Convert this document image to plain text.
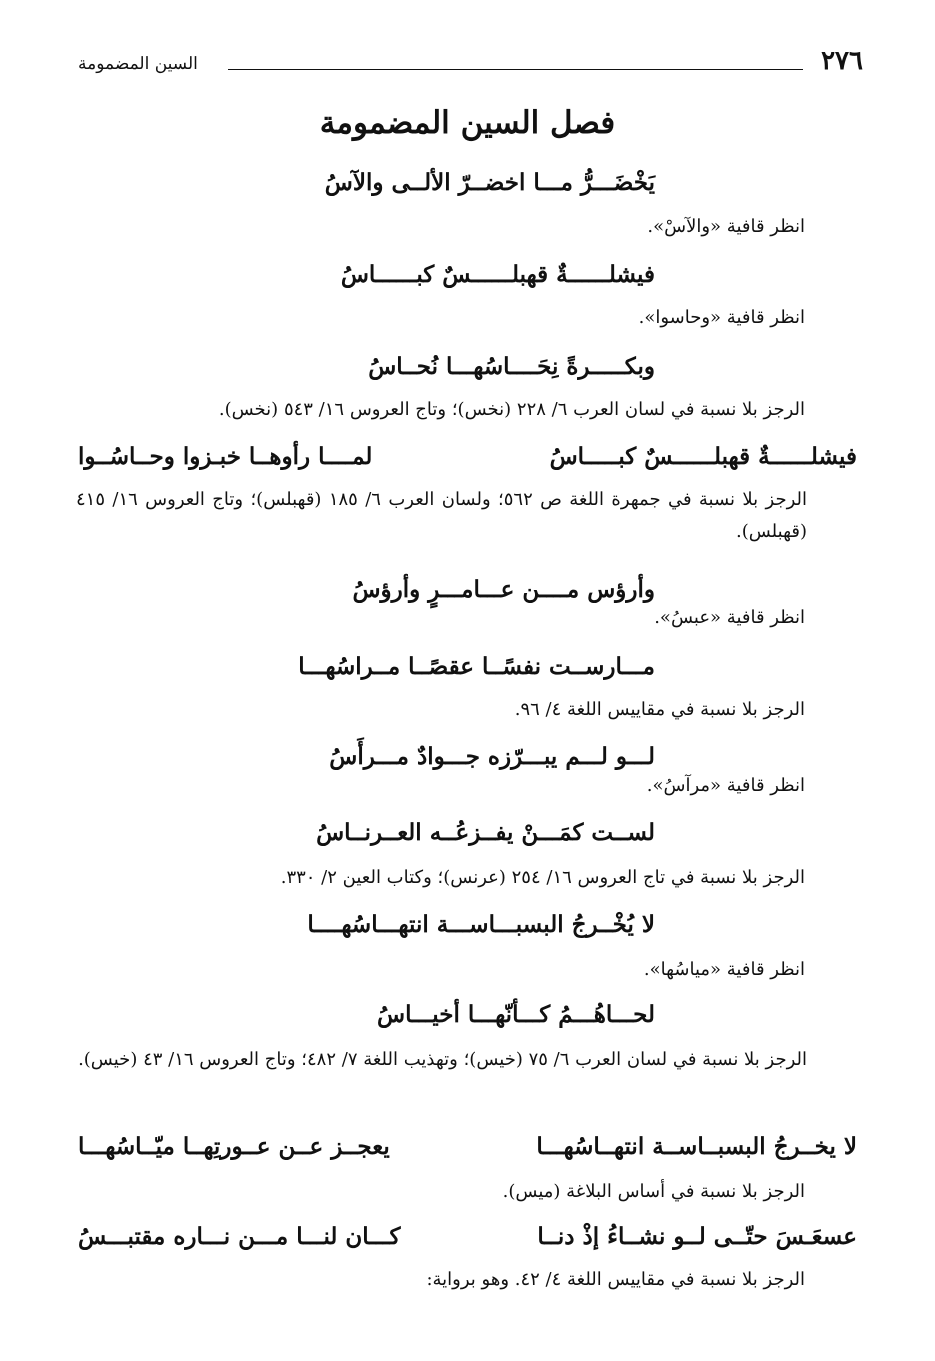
٢٧٦
السين المضمومة
فصل السين المضمومة
يَخْضَـــرُّ مـــا اخضــرّ الألــى والآسُ
انظر قافية «والآسْ».
فيشلــــــةٌ قهبلــــــسٌ كبــــــاسُ
انظر قافية «وحاسوا».
وبكـــــرةً نِحَــــاسُهـــا نُحــاسُ
الرجز بلا نسبة في لسان العرب ٦/ ٢٢٨ (نخس)؛ وتاج العروس ١٦/ ٥٤٣ (نخس).
فيشلــــــةٌ قهبلــــــسٌ كبـــــاسُ
لمــــا رأوهــا خبـزوا وحــاسُــوا
الرجز بلا نسبة في جمهرة اللغة ص ٥٦٢؛ ولسان العرب ٦/ ١٨٥ (قهبلس)؛ وتاج العروس ١٦/ ٤١٥ (قهبلس).
وأرؤس مــــن عـــامـــرٍ وأرؤسُ
انظر قافية «عبسُ».
مـــارســت نفسًــا عقصًــا مــراسُهـــا
الرجز بلا نسبة في مقاييس اللغة ٤/ ٩٦.
لـــو لـــم يبـــرّزه جـــوادٌ مـــرأَسُ
انظر قافية «مرآسُ».
لســت كمَـــنْ يفــزعُــه العــرنــاسُ
الرجز بلا نسبة في تاج العروس ١٦/ ٢٥٤ (عرنس)؛ وكتاب العين ٢/ ٣٣٠.
لا يُخْــرجُ البسبـــاســـة انتهـــاسُهــــا
انظر قافية «مياسُها».
لحـــاهُـــمُ كـــأنّهـــا أخيـــاسُ
الرجز بلا نسبة في لسان العرب ٦/ ٧٥ (خيس)؛ وتهذيب اللغة ٧/ ٤٨٢؛ وتاج العروس ١٦/ ٤٣ (خيس).
لا يخــرجُ البسبــاســة انتهــاسُهـــا
يعجــز عــن عــورتِهــا ميّــاسُهـــا
الرجز بلا نسبة في أساس البلاغة (ميس).
عسعَـسَ حتّــى لــو نشــاءُ إذْ دنــا
كـــان لنـــا مـــن نـــاره مقتبـــسُ
الرجز بلا نسبة في مقاييس اللغة ٤/ ٤٢. وهو برواية:
